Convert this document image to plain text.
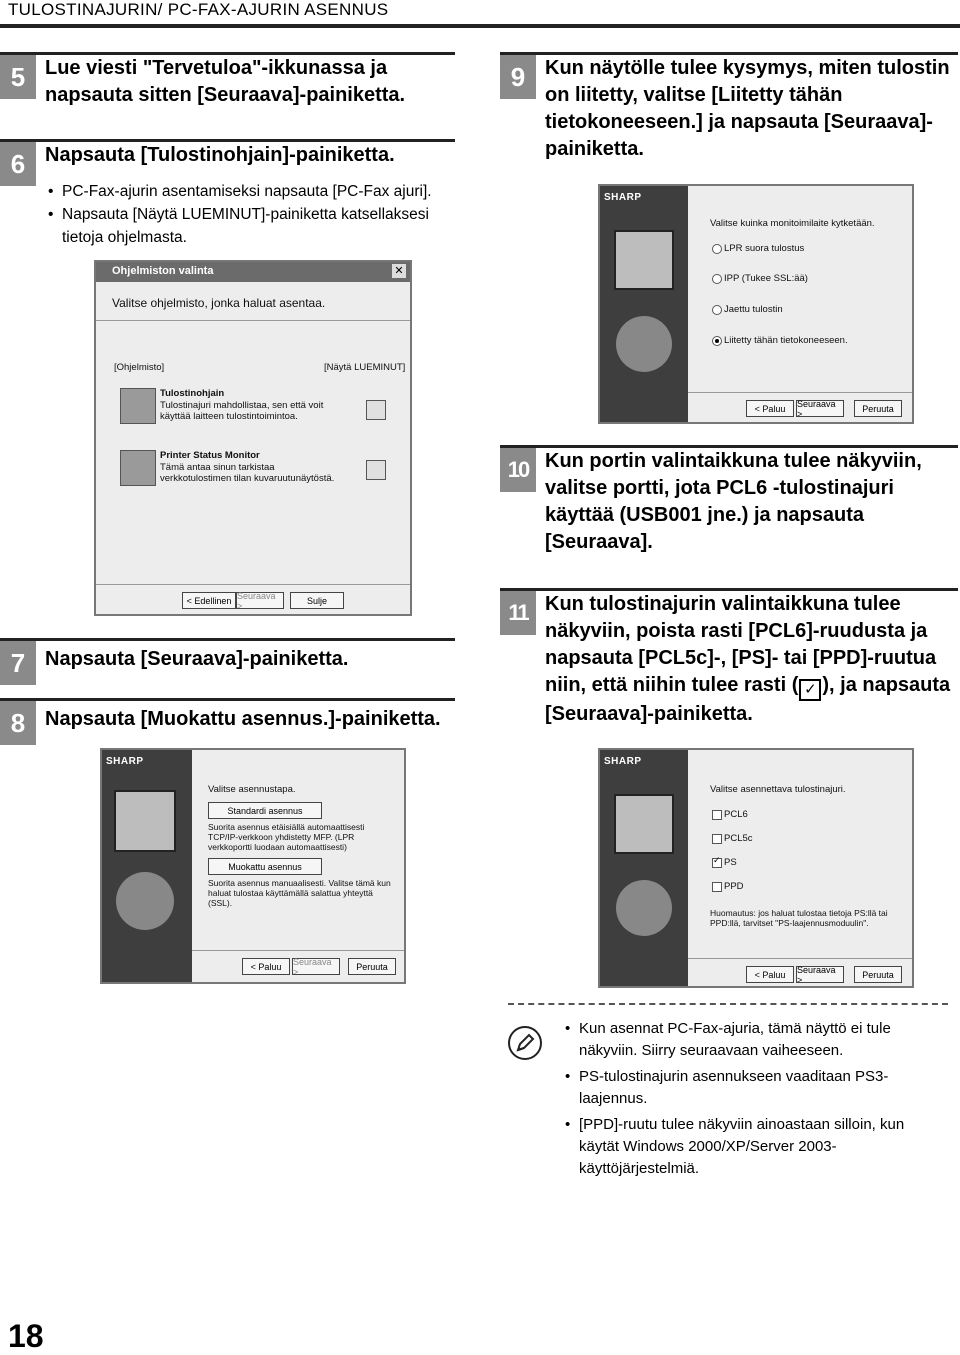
TULOSTINAJURIN/ PC-FAX-AJURIN ASENNUS
5 Lue viesti "Tervetuloa"-ikkunassa ja napsauta sitten [Seuraava]-painiketta.
6 Napsauta [Tulostinohjain]-painiketta.
• PC-Fax-ajurin asentamiseksi napsauta [PC-Fax ajuri].
• Napsauta [Näytä LUEMINUT]-painiketta katsellaksesi tietoja ohjelmasta.
Ohjelmiston valinta	✕
Valitse ohjelmisto, jonka haluat asentaa.
[Ohjelmisto]	[Näytä LUEMINUT]
Tulostinohjain
Tulostinajuri mahdollistaa, sen että voit käyttää laitteen tulostintoimintoa.
Printer Status Monitor
Tämä antaa sinun tarkistaa verkkotulostimen tilan kuvaruutunäytöstä.
< Edellinen Seuraava >	Sulje
7 Napsauta [Seuraava]-painiketta.
8 Napsauta [Muokattu asennus.]-painiketta.
SHARP
Valitse asennustapa.
Standardi asennus
Suorita asennus etäisiällä automaattisesti TCP/IP-verkkoon yhdistetty MFP. (LPR verkkoportti luodaan automaattisesti)
Muokattu asennus
Suorita asennus manuaalisesti. Valitse tämä kun haluat tulostaa käyttämällä salattua yhteyttä (SSL).
< Paluu	Seuraava >	Peruuta
9 Kun näytölle tulee kysymys, miten tulostin on liitetty, valitse [Liitetty tähän tietokoneeseen.] ja napsauta [Seuraava]-painiketta.
SHARP
Valitse kuinka monitoimilaite kytketään.
LPR suora tulostus
IPP (Tukee SSL:ää)
Jaettu tulostin
Liitetty tähän tietokoneeseen.
< Paluu	Seuraava >	Peruuta
10 Kun portin valintaikkuna tulee näkyviin, valitse portti, jota PCL6 -tulostinajuri käyttää (USB001 jne.) ja napsauta [Seuraava].
11 Kun tulostinajurin valintaikkuna tulee näkyviin, poista rasti [PCL6]-ruudusta ja napsauta [PCL5c]-, [PS]- tai [PPD]-ruutua niin, että niihin tulee rasti ( ✓ ), ja napsauta [Seuraava]-painiketta.
SHARP
Valitse asennettava tulostinajuri.
PCL6
PCL5c
✓
PS
PPD
Huomautus: jos haluat tulostaa tietoja PS:llä tai PPD:llä, tarvitset "PS-laajennusmoduulin".
< Paluu	Seuraava >	Peruuta
• Kun asennat PC-Fax-ajuria, tämä näyttö ei tule näkyviin. Siirry seuraavaan vaiheeseen.
• PS-tulostinajurin asennukseen vaaditaan PS3-laajennus.
• [PPD]-ruutu tulee näkyviin ainoastaan silloin, kun käytät Windows 2000/XP/Server 2003-käyttöjärjestelmiä.
18
